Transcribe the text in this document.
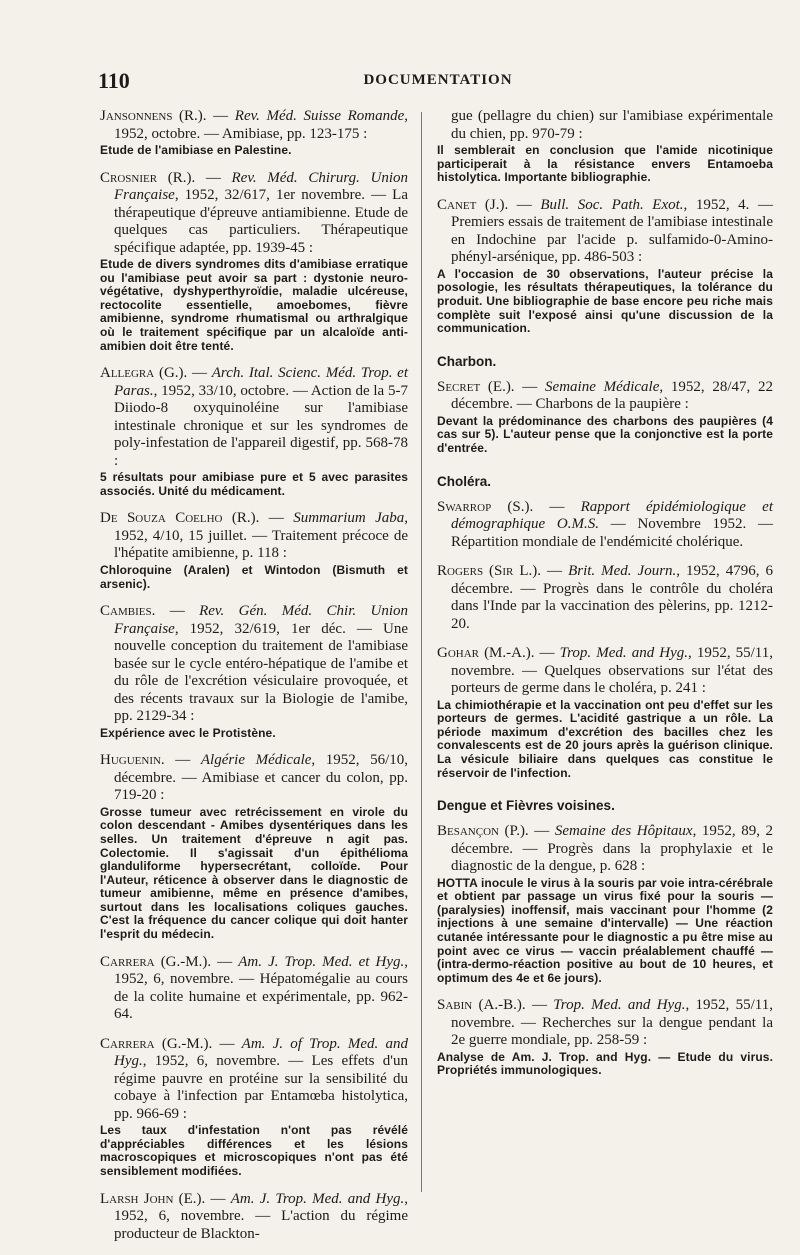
110	DOCUMENTATION

Jansonnens (R.). — Rev. Méd. Suisse Romande, 1952, octobre. — Amibiase, pp. 123-175 :

Etude de l'amibiase en Palestine.

Crosnier (R.). — Rev. Méd. Chirurg. Union Française, 1952, 32/617, 1er novembre. — La thérapeutique d'épreuve antiamibienne. Etude de quelques cas particuliers. Thérapeutique spécifique adaptée, pp. 1939-45 :

Etude de divers syndromes dits d'amibiase erratique ou l'amibiase peut avoir sa part : dystonie neuro-végétative, dyshyperthyroïdie, maladie ulcéreuse, rectocolite essentielle, amoebomes, fièvre amibienne, syndrome rhumatismal ou arthralgique où le traitement spécifique par un alcaloïde anti-amibien doit être tenté.

Allegra (G.). — Arch. Ital. Scienc. Méd. Trop. et Paras., 1952, 33/10, octobre. — Action de la 5-7 Diiodo-8 oxyquinoléine sur l'amibiase intestinale chronique et sur les syndromes de poly-infestation de l'appareil digestif, pp. 568-78 :

5 résultats pour amibiase pure et 5 avec parasites associés. Unité du médicament.

De Souza Coelho (R.). — Summarium Jaba, 1952, 4/10, 15 juillet. — Traitement précoce de l'hépatite amibienne, p. 118 :

Chloroquine (Aralen) et Wintodon (Bismuth et arsenic).

Cambies. — Rev. Gén. Méd. Chir. Union Française, 1952, 32/619, 1er déc. — Une nouvelle conception du traitement de l'amibiase basée sur le cycle entéro-hépatique de l'amibe et du rôle de l'excrétion vésiculaire provoquée, et des récents travaux sur la Biologie de l'amibe, pp. 2129-34 :

Expérience avec le Protistène.

Huguenin. — Algérie Médicale, 1952, 56/10, décembre. — Amibiase et cancer du colon, pp. 719-20 :

Grosse tumeur avec retrécissement en virole du colon descendant - Amibes dysentériques dans les selles. Un traitement d'épreuve n agit pas. Colectomie. Il s'agissait d'un épithélioma glanduliforme hypersecrétant, colloïde. Pour l'Auteur, réticence à observer dans le diagnostic de tumeur amibienne, même en présence d'amibes, surtout dans les localisations coliques gauches. C'est la fréquence du cancer colique qui doit hanter l'esprit du médecin.

Carrera (G.-M.). — Am. J. Trop. Med. et Hyg., 1952, 6, novembre. — Hépatomégalie au cours de la colite humaine et expérimentale, pp. 962-64.

Carrera (G.-M.). — Am. J. of Trop. Med. and Hyg., 1952, 6, novembre. — Les effets d'un régime pauvre en protéine sur la sensibilité du cobaye à l'infection par Entamœba histolytica, pp. 966-69 :

Les taux d'infestation n'ont pas révélé d'appréciables différences et les lésions macroscopiques et microscopiques n'ont pas été sensiblement modifiées.

Larsh John (E.). — Am. J. Trop. Med. and Hyg., 1952, 6, novembre. — L'action du régime producteur de Blackton-

gue (pellagre du chien) sur l'amibiase expérimentale du chien, pp. 970-79 :

Il semblerait en conclusion que l'amide nicotinique participerait à la résistance envers Entamoeba histolytica. Importante bibliographie.

Canet (J.). — Bull. Soc. Path. Exot., 1952, 4. — Premiers essais de traitement de l'amibiase intestinale en Indochine par l'acide p. sulfamido-0-Amino-phényl-arsénique, pp. 486-503 :

A l'occasion de 30 observations, l'auteur précise la posologie, les résultats thérapeutiques, la tolérance du produit. Une bibliographie de base encore peu riche mais complète suit l'exposé ainsi qu'une discussion de la communication.

Charbon.

Secret (E.). — Semaine Médicale, 1952, 28/47, 22 décembre. — Charbons de la paupière :

Devant la prédominance des charbons des paupières (4 cas sur 5). L'auteur pense que la conjonctive est la porte d'entrée.

Choléra.

Swarrop (S.). — Rapport épidémiologique et démographique O.M.S. — Novembre 1952. — Répartition mondiale de l'endémicité cholérique.

Rogers (Sir L.). — Brit. Med. Journ., 1952, 4796, 6 décembre. — Progrès dans le contrôle du choléra dans l'Inde par la vaccination des pèlerins, pp. 1212-20.

Gohar (M.-A.). — Trop. Med. and Hyg., 1952, 55/11, novembre. — Quelques observations sur l'état des porteurs de germe dans le choléra, p. 241 :

La chimiothérapie et la vaccination ont peu d'effet sur les porteurs de germes. L'acidité gastrique a un rôle. La période maximum d'excrétion des bacilles chez les convalescents est de 20 jours après la guérison clinique. La vésicule biliaire dans quelques cas constitue le réservoir de l'infection.

Dengue et Fièvres voisines.

Besançon (P.). — Semaine des Hôpitaux, 1952, 89, 2 décembre. — Progrès dans la prophylaxie et le diagnostic de la dengue, p. 628 :

HOTTA inocule le virus à la souris par voie intra-cérébrale et obtient par passage un virus fixé pour la souris — (paralysies) inoffensif, mais vaccinant pour l'homme (2 injections à une semaine d'intervalle) — Une réaction cutanée intéressante pour le diagnostic a pu être mise au point avec ce virus — vaccin préalablement chauffé — (intra-dermo-réaction positive au bout de 10 heures, et optimum des 4e et 6e jours).

Sabin (A.-B.). — Trop. Med. and Hyg., 1952, 55/11, novembre. — Recherches sur la dengue pendant la 2e guerre mondiale, pp. 258-59 :

Analyse de Am. J. Trop. and Hyg. — Etude du virus. Propriétés immunologiques.
